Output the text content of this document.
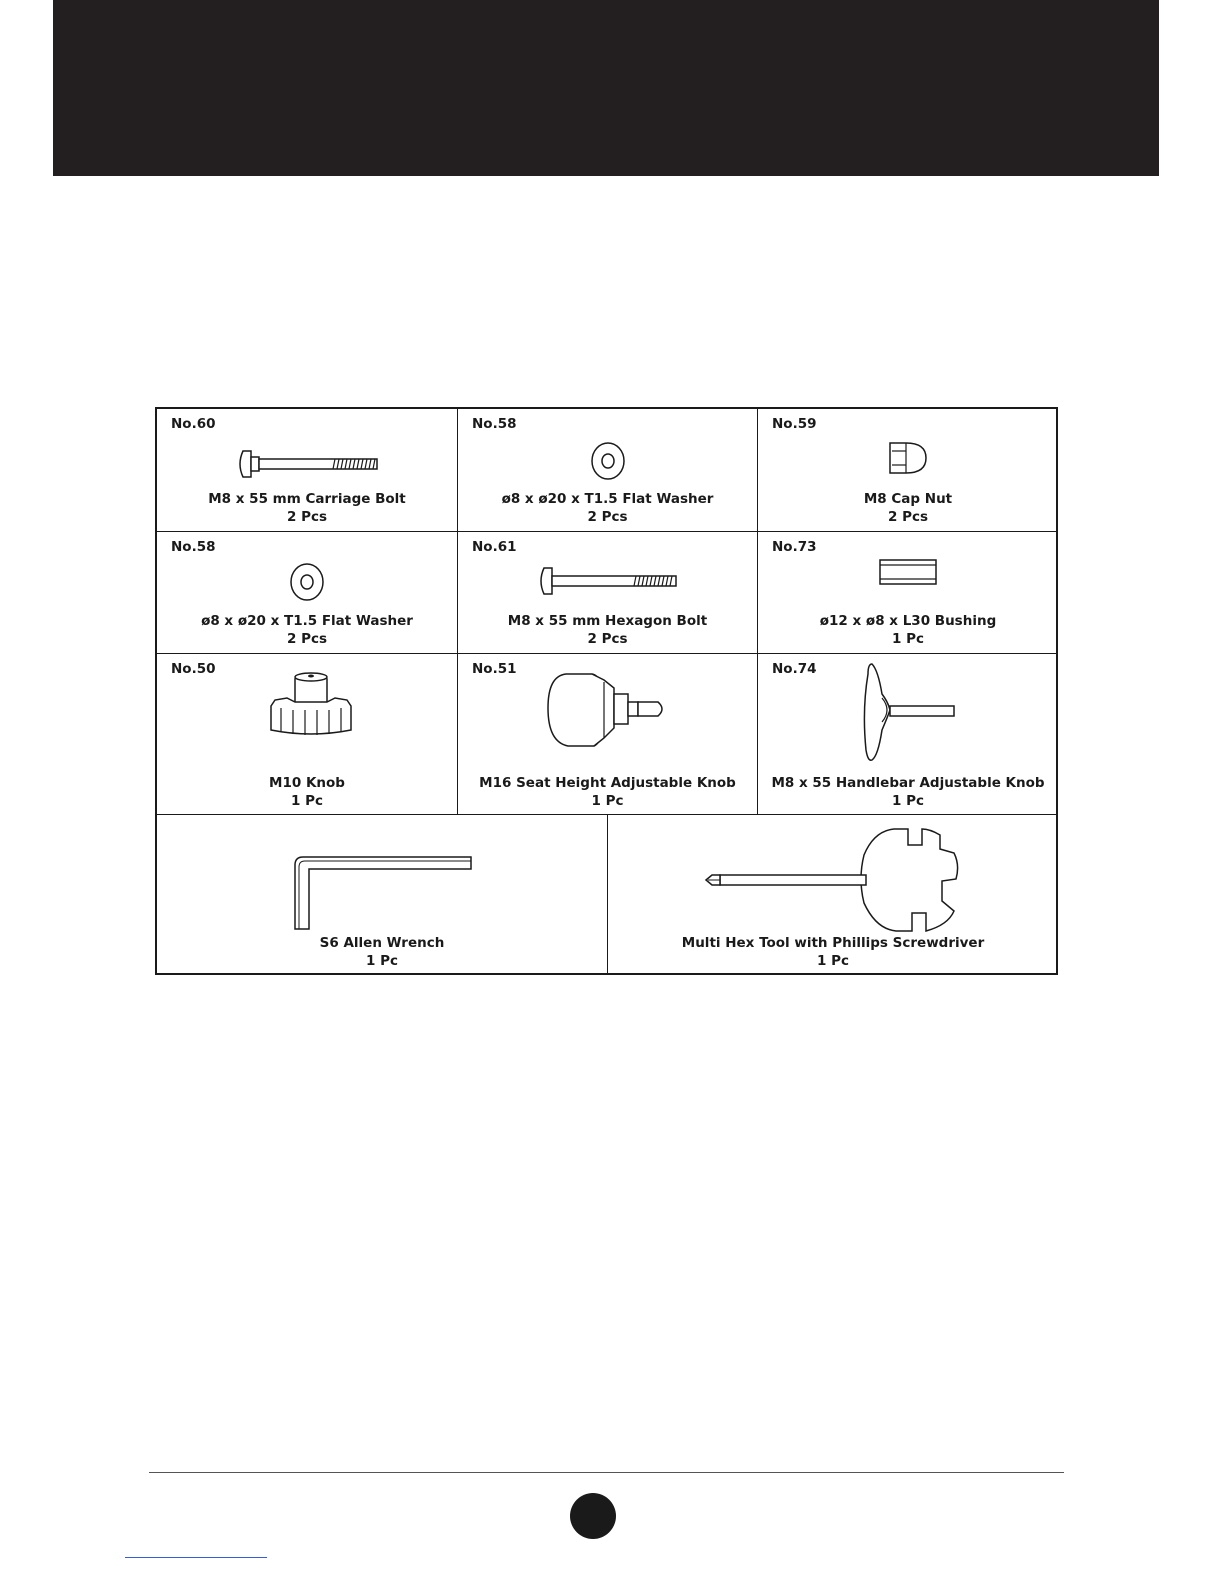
No.60
M8 x 55 mm Carriage Bolt
2 Pcs
No.58
ø8 x ø20 x T1.5 Flat Washer
2 Pcs
No.59
M8 Cap Nut
2 Pcs
No.58
ø8 x ø20 x T1.5 Flat Washer
2 Pcs
No.61
M8 x 55 mm Hexagon Bolt
2 Pcs
No.73
ø12 x ø8 x L30 Bushing
1 Pc
No.50
M10 Knob
1 Pc
No.51
M16 Seat Height Adjustable Knob
1 Pc
No.74
M8 x 55 Handlebar Adjustable Knob
1 Pc
S6 Allen Wrench
1 Pc
Multi Hex Tool with Phillips Screwdriver
1 Pc
